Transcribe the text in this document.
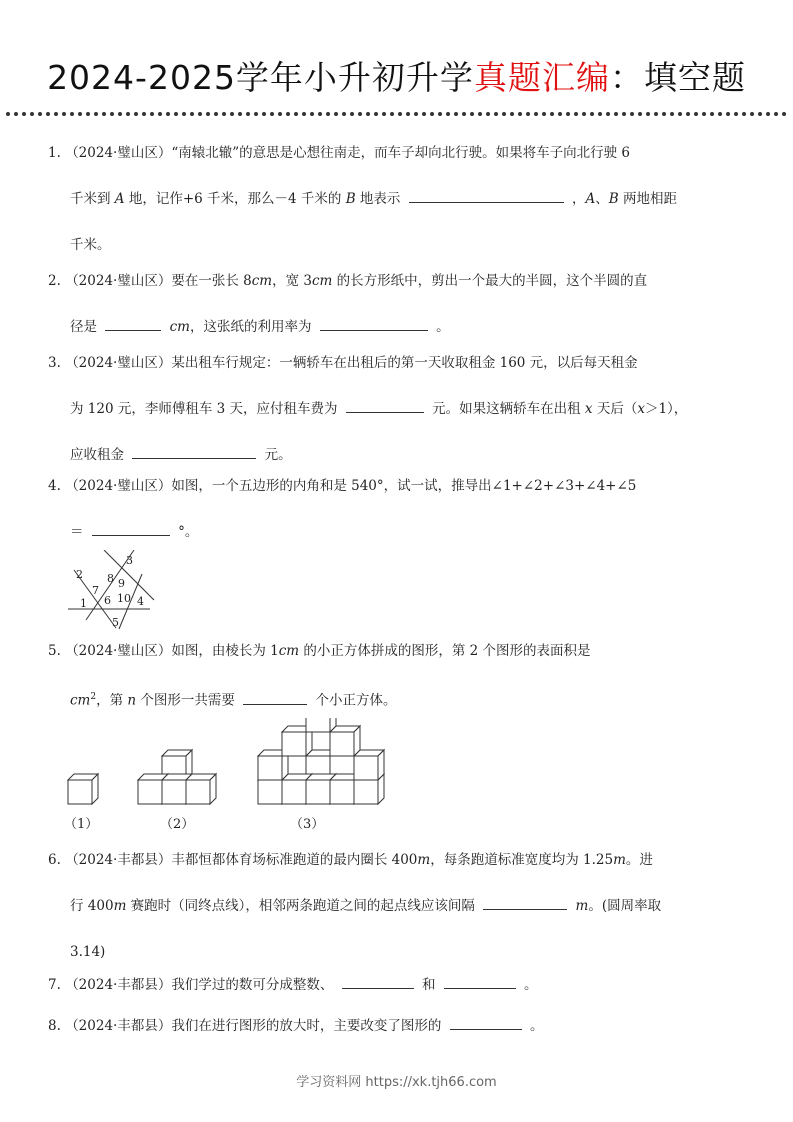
2024-2025学年小升初升学真题汇编：填空题

1. （2024·璧山区）“南辕北辙”的意思是心想往南走，而车子却向北行驶。如果将车子向北行驶 6

千米到 A 地，记作+6 千米，那么－4 千米的 B 地表示	，A、B 两地相距

千米。

2. （2024·璧山区）要在一张长 8cm，宽 3cm 的长方形纸中，剪出一个最大的半圆，这个半圆的直

径是	cm，这张纸的利用率为	。

3. （2024·璧山区）某出租车行规定：一辆轿车在出租后的第一天收取租金 160 元，以后每天租金

为 120 元，李师傅租车 3 天，应付租车费为	元。如果这辆轿车在出租 x 天后（x＞1），

应收租金	元。

4. （2024·璧山区）如图，一个五边形的内角和是 540°，试一试，推导出∠1+∠2+∠3+∠4+∠5

＝	°。

1
2
3
4
5
6
7
8 9
10

5. （2024·璧山区）如图，由棱长为 1cm 的小正方体拼成的图形，第 2 个图形的表面积是

$cm^2$，第 n 个图形一共需要	个小正方体。

（1）	（2）	（3）

6. （2024·丰都县）丰都恒都体育场标准跑道的最内圈长 400m，每条跑道标准宽度均为 1.25m。进

行 400m 赛跑时（同终点线），相邻两条跑道之间的起点线应该间隔	m。(圆周率取

3.14)

7. （2024·丰都县）我们学过的数可分成整数、	和	。

8. （2024·丰都县）我们在进行图形的放大时，主要改变了图形的	。

学习资料网 https://xk.tjh66.com
